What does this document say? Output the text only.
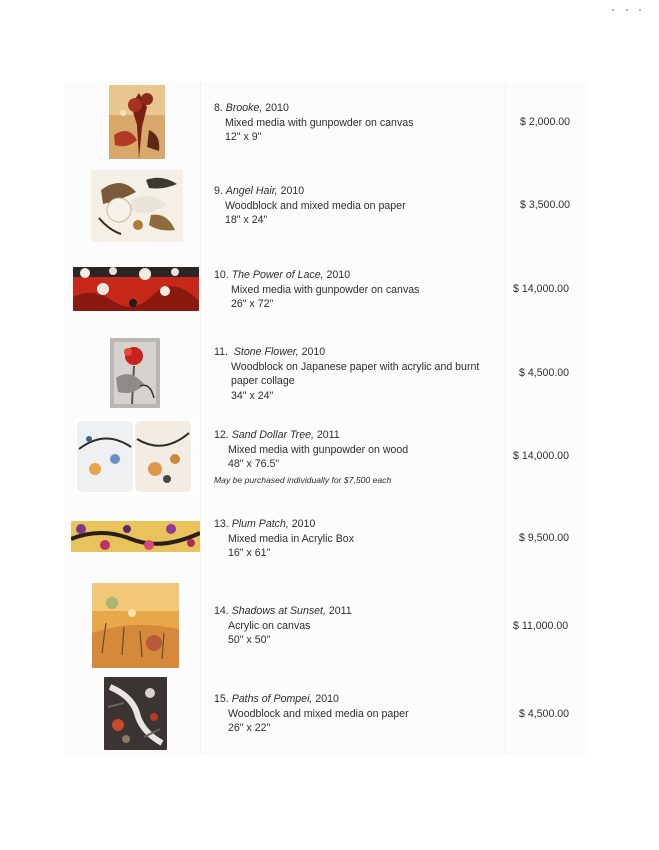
8. Brooke, 2010
Mixed media with gunpowder on canvas
12" x 9"
$ 2,000.00
9. Angel Hair, 2010
Woodblock and mixed media on paper
18" x 24"
$ 3,500.00
10. The Power of Lace, 2010
Mixed media with gunpowder on canvas
26" x 72"
$ 14,000.00
11. Stone Flower, 2010
Woodblock on Japanese paper with acrylic and burnt
paper collage
34" x 24"
$ 4,500.00
12. Sand Dollar Tree, 2011
Mixed media with gunpowder on wood
48" x 76.5"
May be purchased individually for $7,500 each
$ 14,000.00
13. Plum Patch, 2010
Mixed media in Acrylic Box
16" x 61"
$ 9,500.00
14. Shadows at Sunset, 2011
Acrylic on canvas
50" x 50"
$ 11,000.00
15. Paths of Pompei, 2010
Woodblock and mixed media on paper
26" x 22"
$ 4,500.00
